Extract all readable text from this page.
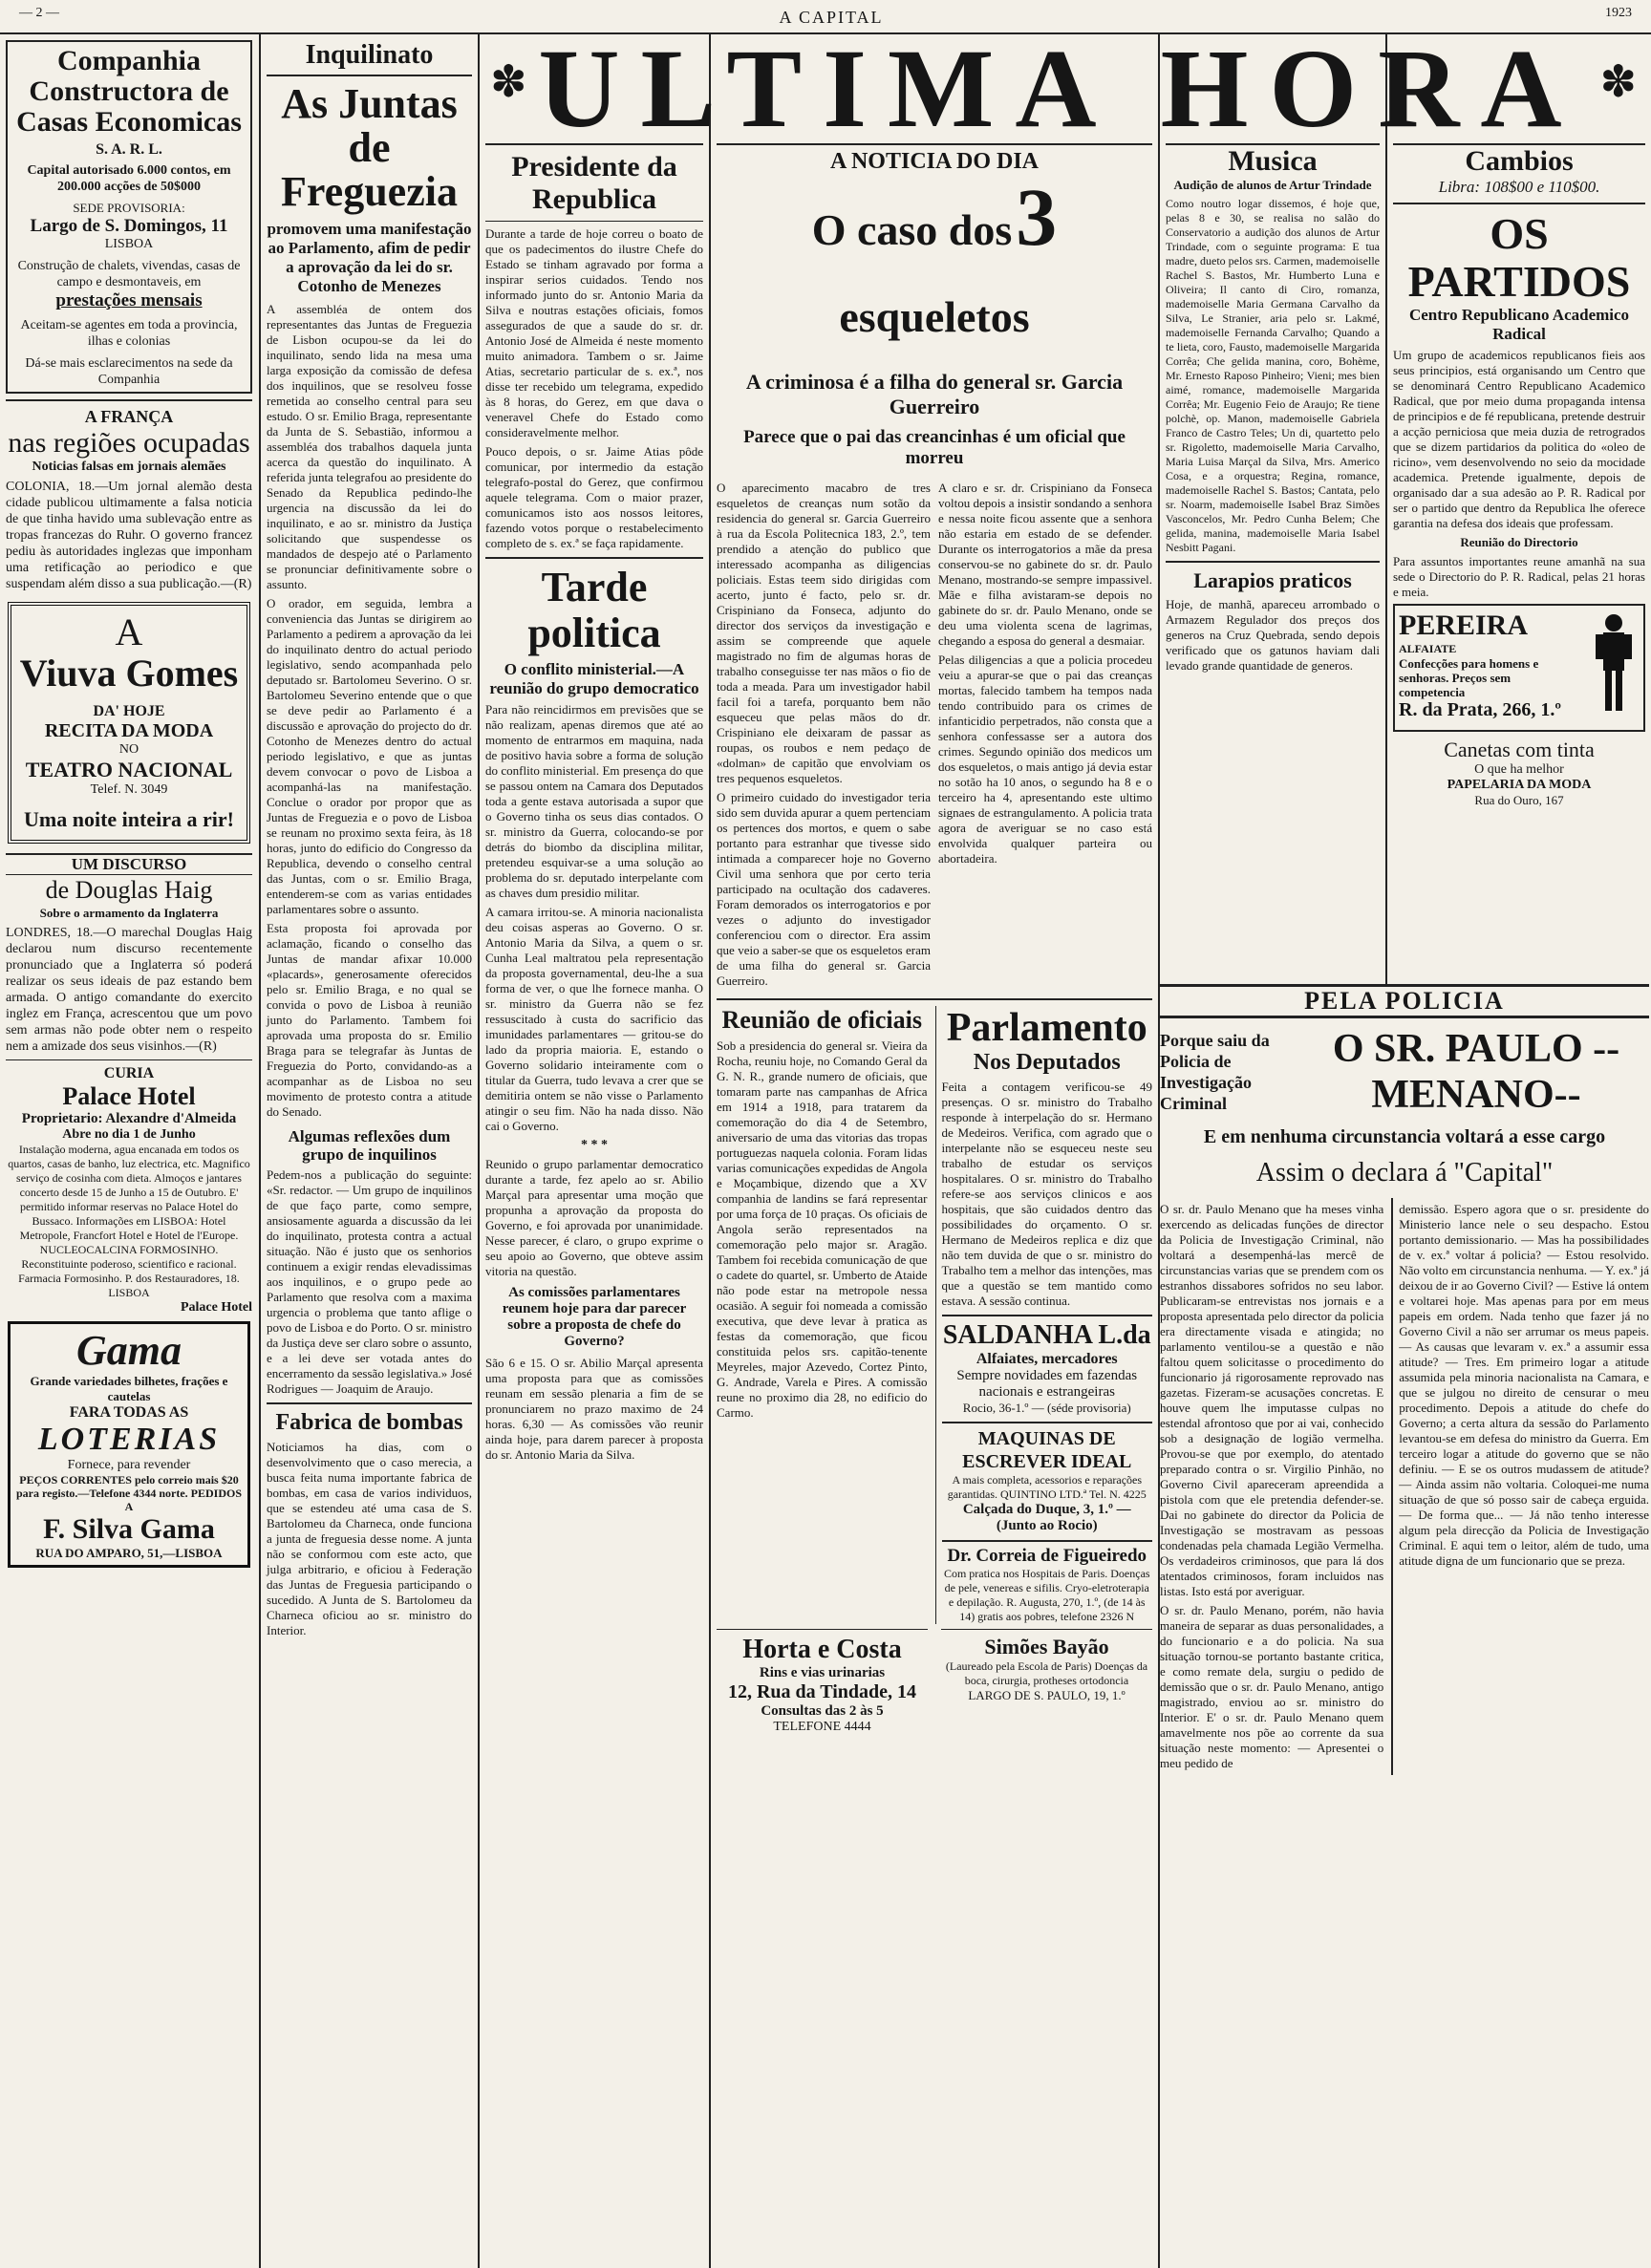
— 2 —	A CAPITAL	1923
✽ ULTIMA HORA ✽
Companhia Constructora de Casas Economicas
S. A. R. L.
Capital autorisado 6.000 contos, em 200.000 acções de 50$000
SEDE PROVISORIA:
Largo de S. Domingos, 11
LISBOA
Construção de chalets, vivendas, casas de campo e desmontaveis, em
prestações mensais
Aceitam-se agentes em toda a provincia, ilhas e colonias
Dá-se mais esclarecimentos na sede da Companhia
A FRANÇA
nas regiões ocupadas
Noticias falsas em jornais alemães
COLONIA, 18.—Um jornal alemão desta cidade publicou ultimamente a falsa noticia de que tinha havido uma sublevação entre as tropas francezas do Ruhr. O governo francez pediu às autoridades inglezas que imponham uma retificação ao periodico e que suspendam além disso a sua publicação.—(R)
A
Viuva Gomes
DA' HOJE
RECITA DA MODA
NO
TEATRO NACIONAL
Telef. N. 3049
Uma noite inteira a rir!
UM DISCURSO
de Douglas Haig
Sobre o armamento da Inglaterra
LONDRES, 18.—O marechal Douglas Haig declarou num discurso recentemente pronunciado que a Inglaterra só poderá realizar os seus ideais de paz estando bem armada. O antigo comandante do exercito inglez em França, acrescentou que um povo sem armas não pode obter nem o respeito nem a amizade dos seus visinhos.—(R)
CURIA
Palace Hotel
Proprietario: Alexandre d'Almeida
Abre no dia 1 de Junho
Instalação moderna, agua encanada em todos os quartos, casas de banho, luz electrica, etc. Magnifico serviço de cosinha com dieta. Almoços e jantares concerto desde 15 de Junho a 15 de Outubro. E' permitido informar reservas no Palace Hotel do Bussaco. Informações em LISBOA: Hotel Metropole, Francfort Hotel e Hotel de l'Europe. NUCLEOCALCINA FORMOSINHO. Reconstituinte poderoso, scientifico e racional. Farmacia Formosinho. P. dos Restauradores, 18. LISBOA
Palace Hotel
Gama
Grande variedades bilhetes, frações e cautelas
FARA TODAS AS
LOTERIAS
Fornece, para revender
PEÇOS CORRENTES pelo correio mais $20 para registo.—Telefone 4344 norte. PEDIDOS A
F. Silva Gama
RUA DO AMPARO, 51,—LISBOA
Inquilinato
As Juntas de Freguezia
promovem uma manifestação ao Parlamento, afim de pedir a aprovação da lei do sr. Cotonho de Menezes
A assembléa de ontem dos representantes das Juntas de Freguezia de Lisbon ocupou-se da lei do inquilinato, sendo lida na mesa uma larga exposição da comissão de defesa dos inquilinos, que se resolveu fosse remetida ao conselho central para seu estudo. O sr. Emilio Braga, representante da Junta de S. Sebastião, informou a assembléa dos trabalhos daquela junta acerca da questão do inquilinato. A referida junta telegrafou ao presidente do Senado da Republica pedindo-lhe urgencia na discussão da lei do inquilinato, e ao sr. ministro da Justiça solicitando que suspendesse os mandados de despejo até o Parlamento se pronunciar definitivamente sobre o assunto.
O orador, em seguida, lembra a conveniencia das Juntas se dirigirem ao Parlamento a pedirem a aprovação da lei do inquilinato dentro do actual periodo legislativo, sendo acompanhada pelo deputado sr. Bartolomeu Severino. O sr. Bartolomeu Severino entende que o que se deve pedir ao Parlamento é a discussão e aprovação do projecto do dr. Cotonho de Menezes dentro do actual periodo legislativo, e que as juntas devem convocar o povo de Lisboa a acompanhá-las na manifestação. Conclue o orador por propor que as Juntas de Freguezia e o povo de Lisboa se reunam no proximo sexta feira, às 18 horas, junto do edificio do Congresso da Republica, devendo o conselho central das Juntas, com o sr. Emilio Braga, entenderem-se com as varias entidades parlamentares sobre o assunto.
Esta proposta foi aprovada por aclamação, ficando o conselho das Juntas de mandar afixar 10.000 «placards», generosamente oferecidos pelo sr. Emilio Braga, e no qual se convida o povo de Lisboa à reunião junto do Parlamento. Tambem foi aprovada uma proposta do sr. Emilio Braga para se telegrafar às Juntas de Freguezia do Porto, convidando-as a acompanhar as de Lisboa no seu movimento de protesto contra a atitude do Senado.
Algumas reflexões dum grupo de inquilinos
Pedem-nos a publicação do seguinte: «Sr. redactor. — Um grupo de inquilinos de que faço parte, como sempre, ansiosamente aguarda a discussão da lei do inquilinato, protesta contra a actual situação. Não é justo que os senhorios continuem a exigir rendas elevadissimas aos inquilinos, e o grupo pede ao Parlamento que resolva com a maxima urgencia o problema que tanto aflige o povo de Lisboa e do Porto. O sr. ministro da Justiça deve ser claro sobre o assunto, e a lei deve ser votada antes do encerramento da sessão legislativa.» José Rodrigues — Joaquim de Araujo.
Fabrica de bombas
Noticiamos ha dias, com o desenvolvimento que o caso merecia, a busca feita numa importante fabrica de bombas, em casa de varios individuos, que se estendeu até uma casa de S. Bartolomeu da Charneca, onde funciona a junta de freguesia desse nome. A junta não se conformou com este acto, que julga arbitrario, e oficiou à Federação das Juntas de Freguesia participando o sucedido. A Junta de S. Bartolomeu da Charneca oficiou ao sr. ministro do Interior.
Presidente da Republica
Durante a tarde de hoje correu o boato de que os padecimentos do ilustre Chefe do Estado se tinham agravado por forma a inspirar serios cuidados. Tendo nos informado junto do sr. Antonio Maria da Silva e noutras estações oficiais, fomos assegurados de que a saude do sr. dr. Antonio José de Almeida é neste momento muito animadora. Tambem o sr. Jaime Atias, secretario particular de s. ex.ª, nos disse ter recebido um telegrama, expedido às 8 horas, do Gerez, em que dava o veneravel Chefe do Estado como consideravelmente melhor.
Pouco depois, o sr. Jaime Atias pôde comunicar, por intermedio da estação telegrafo-postal do Gerez, que confirmou aquele telegrama. Com o maior prazer, comunicamos isto aos nossos leitores, fazendo votos porque o restabelecimento completo de s. ex.ª se faça rapidamente.
Tarde politica
O conflito ministerial.—A reunião do grupo democratico
Para não reincidirmos em previsões que se não realizam, apenas diremos que até ao momento de entrarmos em maquina, nada de positivo havia sobre a forma de solução do conflito ministerial. Em presença do que se passou ontem na Camara dos Deputados toda a gente estava autorisada a supor que o Governo tinha os seus dias contados. O sr. ministro da Guerra, colocando-se por detrás do biombo da disciplina militar, pretendeu esquivar-se a uma solução ao problema do sr. deputado interpelante com as chaves dum presidio militar.
A camara irritou-se. A minoria nacionalista deu coisas asperas ao Governo. O sr. Antonio Maria da Silva, a quem o sr. Cunha Leal maltratou pela representação da proposta governamental, deu-lhe a sua forma de ver, o que lhe fornece manha. O sr. ministro da Guerra não se fez ressuscitado à custa do sacrificio das imunidades parlamentares — gritou-se do lado da propria maioria. E, estando o Governo solidario inteiramente com o titular da Guerra, tudo levava a crer que se demitiria ontem se não visse o Parlamento atingir o seu fim. Não ha nada disso. Não cai o Governo.
* * *
Reunido o grupo parlamentar democratico durante a tarde, fez apelo ao sr. Abilio Marçal para apresentar uma moção que propunha a aprovação da proposta do Governo, e foi aprovada por unanimidade. Nesse parecer, é claro, o grupo exprime o seu apoio ao Governo, que obteve assim vitoria na questão.
As comissões parlamentares reunem hoje para dar parecer sobre a proposta de chefe do Governo?
São 6 e 15. O sr. Abilio Marçal apresenta uma proposta para que as comissões reunam em sessão plenaria a fim de se pronunciarem no prazo maximo de 24 horas. 6,30 — As comissões vão reunir ainda hoje, para darem parecer à proposta do sr. Antonio Maria da Silva.
A NOTICIA DO DIA
O caso dos 3 esqueletos
A criminosa é a filha do general sr. Garcia Guerreiro
Parece que o pai das creancinhas é um oficial que morreu
O aparecimento macabro de tres esqueletos de creanças num sotão da residencia do general sr. Garcia Guerreiro à rua da Escola Politecnica 183, 2.º, tem prendido a atenção do publico que interessado acompanha as diligencias policiais. Estas teem sido dirigidas com acerto, junto é facto, pelo sr. dr. Crispiniano da Fonseca, adjunto do director dos serviços da investigação e assim se compreende que aquele magistrado no fim de algumas horas de trabalho conseguisse ter nas mãos o fio de toda a meada. Para um investigador habil facil foi a tarefa, porquanto bem não esqueceu que pelas mãos do dr. Crispiniano ele deixaram de passar as roupas, os roubos e nem pedaço de «dolman» de capitão que envolviam os tres pequenos esqueletos.
O primeiro cuidado do investigador teria sido sem duvida apurar a quem pertenciam os pertences dos mortos, e quem o sabe portanto para estranhar que tivesse sido intimada a comparecer hoje no Governo Civil uma senhora que por certo teria participado na ocultação dos cadaveres. Foram demorados os interrogatorios e por vezes o adjunto do investigador conferenciou com o director. Era assim que veio a saber-se que os esqueletos eram de uma filha do general sr. Garcia Guerreiro.
A claro e sr. dr. Crispiniano da Fonseca voltou depois a insistir sondando a senhora e nessa noite ficou assente que a senhora não estaria em estado de se defender. Durante os interrogatorios a mãe da presa conservou-se no gabinete do sr. dr. Paulo Menano, mostrando-se sempre impassivel. Mãe e filha avistaram-se depois no gabinete do sr. dr. Paulo Menano, onde se deu uma violenta scena de lagrimas, chegando a esposa do general a desmaiar.
Pelas diligencias a que a policia procedeu veiu a apurar-se que o pai das creanças mortas, falecido tambem ha tempos nada tendo contribuido para os crimes de infanticidio perpetrados, não consta que a senhora confessasse ser a autora dos crimes. Segundo opinião dos medicos um dos esqueletos, o mais antigo já devia estar no sotão ha 10 anos, o segundo ha 8 e o terceiro ha 4, apresentando este ultimo signaes de estrangulamento. A policia trata agora de averiguar se no caso está envolvida qualquer parteira ou abortadeira.
Reunião de oficiais
Sob a presidencia do general sr. Vieira da Rocha, reuniu hoje, no Comando Geral da G. N. R., grande numero de oficiais, que tomaram parte nas campanhas de Africa em 1914 a 1918, para tratarem da comemoração do dia 4 de Setembro, aniversario de uma das vitorias das tropas portuguezas naquela colonia. Foram lidas varias comunicações expedidas de Angola e Moçambique, dizendo que a XV companhia de landins se fará representar por uma força de 10 praças. Os oficiais de Angola serão representados na comemoração pelo major sr. Aragão. Tambem foi recebida comunicação de que o cadete do quartel, sr. Umberto de Ataide não pode estar na metropole nessa ocasião. A seguir foi nomeada a comissão executiva, que deve levar à pratica as festas da comemoração, que ficou constituida pelos srs. capitão-tenente Meyreles, major Azevedo, Cortez Pinto, G. Andrade, Varela e Pires. A comissão reune no proximo dia 28, no edificio do Carmo.
Parlamento
Nos Deputados
Feita a contagem verificou-se 49 presenças. O sr. ministro do Trabalho responde à interpelação do sr. Hermano de Medeiros. Verifica, com agrado que o interpelante não se esqueceu neste seu trabalho de estudar os serviços hospitalares. O sr. ministro do Trabalho refere-se aos serviços clinicos e aos hospitais, que são cuidados dentro das possibilidades do orçamento. O sr. Hermano de Medeiros replica e diz que não tem duvida de que o sr. ministro do Trabalho tem a melhor das intenções, mas que a questão se tem mantido como estava. A sessão continua.
SALDANHA L.da
Alfaiates, mercadores
Sempre novidades em fazendas nacionais e estrangeiras
Rocio, 36-1.º — (séde provisoria)
MAQUINAS DE ESCREVER IDEAL
A mais completa, acessorios e reparações garantidas. QUINTINO LTD.ª Tel. N. 4225
Calçada do Duque, 3, 1.º — (Junto ao Rocio)
Dr. Correia de Figueiredo
Com pratica nos Hospitais de Paris. Doenças de pele, venereas e sifilis. Cryo-eletroterapia e depilação. R. Augusta, 270, 1.º, (de 14 às 14) gratis aos pobres, telefone 2326 N
Horta e Costa
Rins e vias urinarias
12, Rua da Tindade, 14
Consultas das 2 às 5
TELEFONE 4444
Simões Bayão
(Laureado pela Escola de Paris) Doenças da boca, cirurgia, protheses ortodoncia
LARGO DE S. PAULO, 19, 1.º
Musica
Audição de alunos de Artur Trindade
Como noutro logar dissemos, é hoje que, pelas 8 e 30, se realisa no salão do Conservatorio a audição dos alunos de Artur Trindade, com o seguinte programa: E tua madre, dueto pelos srs. Carmen, mademoiselle Rachel S. Bastos, Mr. Humberto Luna e Oliveira; Il canto di Ciro, romanza, mademoiselle Maria Germana Carvalho da Silva, Le Stranier, aria pelo sr. Lakmé, mademoiselle Fernanda Carvalho; Quando a te lieta, coro, Fausto, mademoiselle Margarida Corrêa; Che gelida manina, coro, Bohème, Mr. Ernesto Raposo Pinheiro; Vieni; mes bien aimé, romance, mademoiselle Margarida Corrêa; Mr. Eugenio Feio de Araujo; Re tiene polchè, op. Manon, mademoiselle Gabriela Franco de Castro Teles; Un di, quartetto pelo sr. Rigoletto, mademoiselle Maria Carvalho, Maria Luisa Marçal da Silva, Mrs. Americo Cosa, e a orquestra; Regina, romance, mademoiselle Rachel S. Bastos; Cantata, pelo sr. Noarm, mademoiselle Isabel Braz Simões Vasconcelos, Mr. Pedro Cunha Belem; Che gelida, manina, mademoiselle Maria Isabel Nesbitt Pagani.
Larapios praticos
Hoje, de manhã, apareceu arrombado o Armazem Regulador dos preços dos generos na Cruz Quebrada, sendo depois verificado que os gatunos haviam dali levado grande quantidade de generos.
Cambios
Libra: 108$00 e 110$00.
OS PARTIDOS
Centro Republicano Academico Radical
Um grupo de academicos republicanos fieis aos seus principios, está organisando um Centro que se denominará Centro Republicano Academico Radical, que por meio duma propaganda intensa de principios e de fé republicana, pretende destruir a acção perniciosa que meia duzia de retrogrados que se dizem partidarios da politica do «oleo de ricino», vem desenvolvendo no seio da mocidade academica. Pretende igualmente, depois de organisado dar a sua adesão ao P. R. Radical por ser o partido que dentro da Republica lhe oferece garantia na defesa dos ideais que professam.
Reunião do Directorio
Para assuntos importantes reune amanhã na sua sede o Directorio do P. R. Radical, pelas 21 horas e meia.
PEREIRA
ALFAIATE
Confecções para homens e senhoras. Preços sem competencia
R. da Prata, 266, 1.º
Canetas com tinta
O que ha melhor
PAPELARIA DA MODA
Rua do Ouro, 167
PELA POLICIA
Porque saiu da Policia de Investigação Criminal
O SR. PAULO --MENANO--
E em nenhuma circunstancia voltará a esse cargo
Assim o declara á "Capital"
O sr. dr. Paulo Menano que ha meses vinha exercendo as delicadas funções de director da Policia de Investigação Criminal, não voltará a desempenhá-las mercê de circunstancias varias que se prendem com os estranhos dissabores sofridos no seu labor. Publicaram-se entrevistas nos jornais e a proposta apresentada pelo director da policia era directamente visada e atingida; no parlamento ventilou-se a questão e não faltou quem solicitasse o procedimento do funcionario já rigorosamente reprovado nas gazetas. Fizeram-se acusações concretas. E houve quem lhe imputasse culpas no estendal afrontoso que por ai vai, conhecido sob a designação de logião vermelha. Provou-se que por exemplo, do atentado preparado contra o sr. Virgilio Pinhão, no Governo Civil apareceram apreendida a pistola com que ele pretendia defender-se. Dai no gabinete do director da Policia de Investigação se mostravam as pessoas condenadas pela chamada Legião Vermelha. Os verdadeiros criminosos, que para lá dos atentados criminosos, foram incluidos nas listas. Isto está por averiguar.
O sr. dr. Paulo Menano, porém, não havia maneira de separar as duas personalidades, a do funcionario e a do policia. Na sua situação tornou-se portanto bastante critica, e como remate dela, surgiu o pedido de demissão que o sr. dr. Paulo Menano, antigo magistrado, enviou ao sr. ministro do Interior. E' o sr. dr. Paulo Menano quem amavelmente nos põe ao corrente da sua situação neste momento: — Apresentei o meu pedido de
demissão. Espero agora que o sr. presidente do Ministerio lance nele o seu despacho. Estou portanto demissionario. — Mas ha possibilidades de v. ex.ª voltar á policia? — Estou resolvido. Não volto em circunstancia nenhuma. — Y. ex.ª já deixou de ir ao Governo Civil? — Estive lá ontem e voltarei hoje. Mas apenas para por em meus papeis em ordem. Nada tenho que fazer já no Governo Civil a não ser arrumar os meus papeis. — As causas que levaram v. ex.ª a assumir essa atitude? — Tres. Em primeiro logar a atitude assumida pela minoria nacionalista na Camara, e que se julgou no direito de censurar o meu procedimento. Depois a atitude do chefe do Governo; a certa altura da sessão do Parlamento levantou-se em defesa do ministro da Guerra. Em terceiro logar a atitude do governo que se não definiu. — E se os outros mudassem de atitude? — Ainda assim não voltaria. Coloquei-me numa situação de que só posso sair de cabeça erguida. — De forma que... — Já não tenho interesse algum pela direcção da Policia de Investigação Criminal. E aqui tem o leitor, além de tudo, uma atitude digna de um funcionario que se preza.
